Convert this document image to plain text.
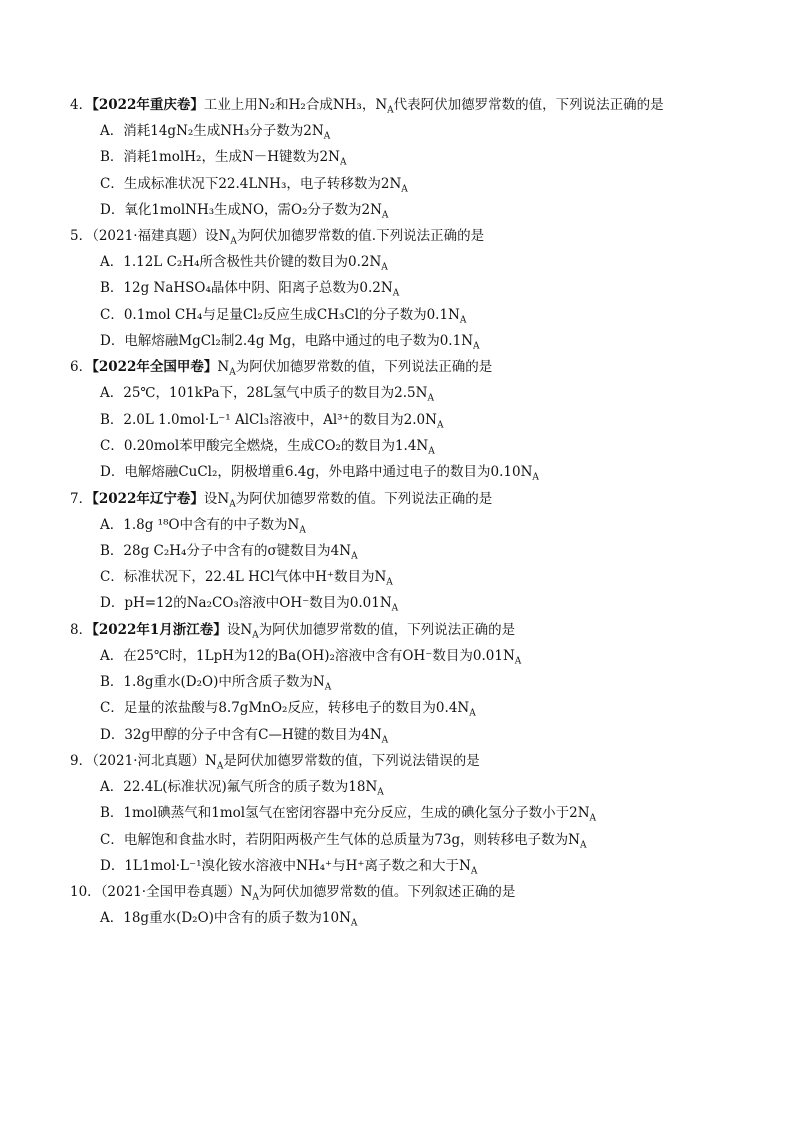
4．【2022年重庆卷】工业上用N₂和H₂合成NH₃，$N_A$代表阿伏加德罗常数的值，下列说法正确的是
A．消耗14gN₂生成NH₃分子数为$2N_A$
B．消耗1molH₂，生成N－H键数为$2N_A$
C．生成标准状况下22.4LNH₃，电子转移数为$2N_A$
D．氧化1molNH₃生成NO，需O₂分子数为$2N_A$
5．（2021·福建真题）设$N_A$为阿伏加德罗常数的值.下列说法正确的是
A．1.12L C₂H₄所含极性共价键的数目为$0.2N_A$
B．12g NaHSO₄晶体中阴、阳离子总数为$0.2N_A$
C．0.1mol CH₄与足量Cl₂反应生成CH₃Cl的分子数为$0.1N_A$
D．电解熔融MgCl₂制2.4g Mg，电路中通过的电子数为$0.1N_A$
6．【2022年全国甲卷】$N_A$为阿伏加德罗常数的值，下列说法正确的是
A．25℃，101kPa下，28L氢气中质子的数目为$2.5N_A$
B．2.0L 1.0mol·L⁻¹ AlCl₃溶液中，Al³⁺的数目为$2.0N_A$
C．0.20mol苯甲酸完全燃烧，生成CO₂的数目为$1.4N_A$
D．电解熔融CuCl₂，阴极增重6.4g，外电路中通过电子的数目为$0.10N_A$
7．【2022年辽宁卷】设$N_A$为阿伏加德罗常数的值。下列说法正确的是
A．1.8g ¹⁸O中含有的中子数为$N_A$
B．28g C₂H₄分子中含有的σ键数目为$4N_A$
C．标准状况下，22.4L HCl气体中H⁺数目为$N_A$
D．pH=12的Na₂CO₃溶液中OH⁻数目为$0.01N_A$
8．【2022年1月浙江卷】设$N_A$为阿伏加德罗常数的值，下列说法正确的是
A．在25℃时，1LpH为12的Ba(OH)₂溶液中含有OH⁻数目为$0.01N_A$
B．1.8g重水(D₂O)中所含质子数为$N_A$
C．足量的浓盐酸与8.7gMnO₂反应，转移电子的数目为$0.4N_A$
D．32g甲醇的分子中含有C—H键的数目为$4N_A$
9．（2021·河北真题）$N_A$是阿伏加德罗常数的值，下列说法错误的是
A．22.4L(标准状况)氟气所含的质子数为$18N_A$
B．1mol碘蒸气和1mol氢气在密闭容器中充分反应，生成的碘化氢分子数小于$2N_A$
C．电解饱和食盐水时，若阴阳两极产生气体的总质量为73g，则转移电子数为$N_A$
D．1L1mol·L⁻¹溴化铵水溶液中NH₄⁺与H⁺离子数之和大于$N_A$
10．（2021·全国甲卷真题）$N_A$为阿伏加德罗常数的值。下列叙述正确的是
A．18g重水(D₂O)中含有的质子数为$10N_A$
